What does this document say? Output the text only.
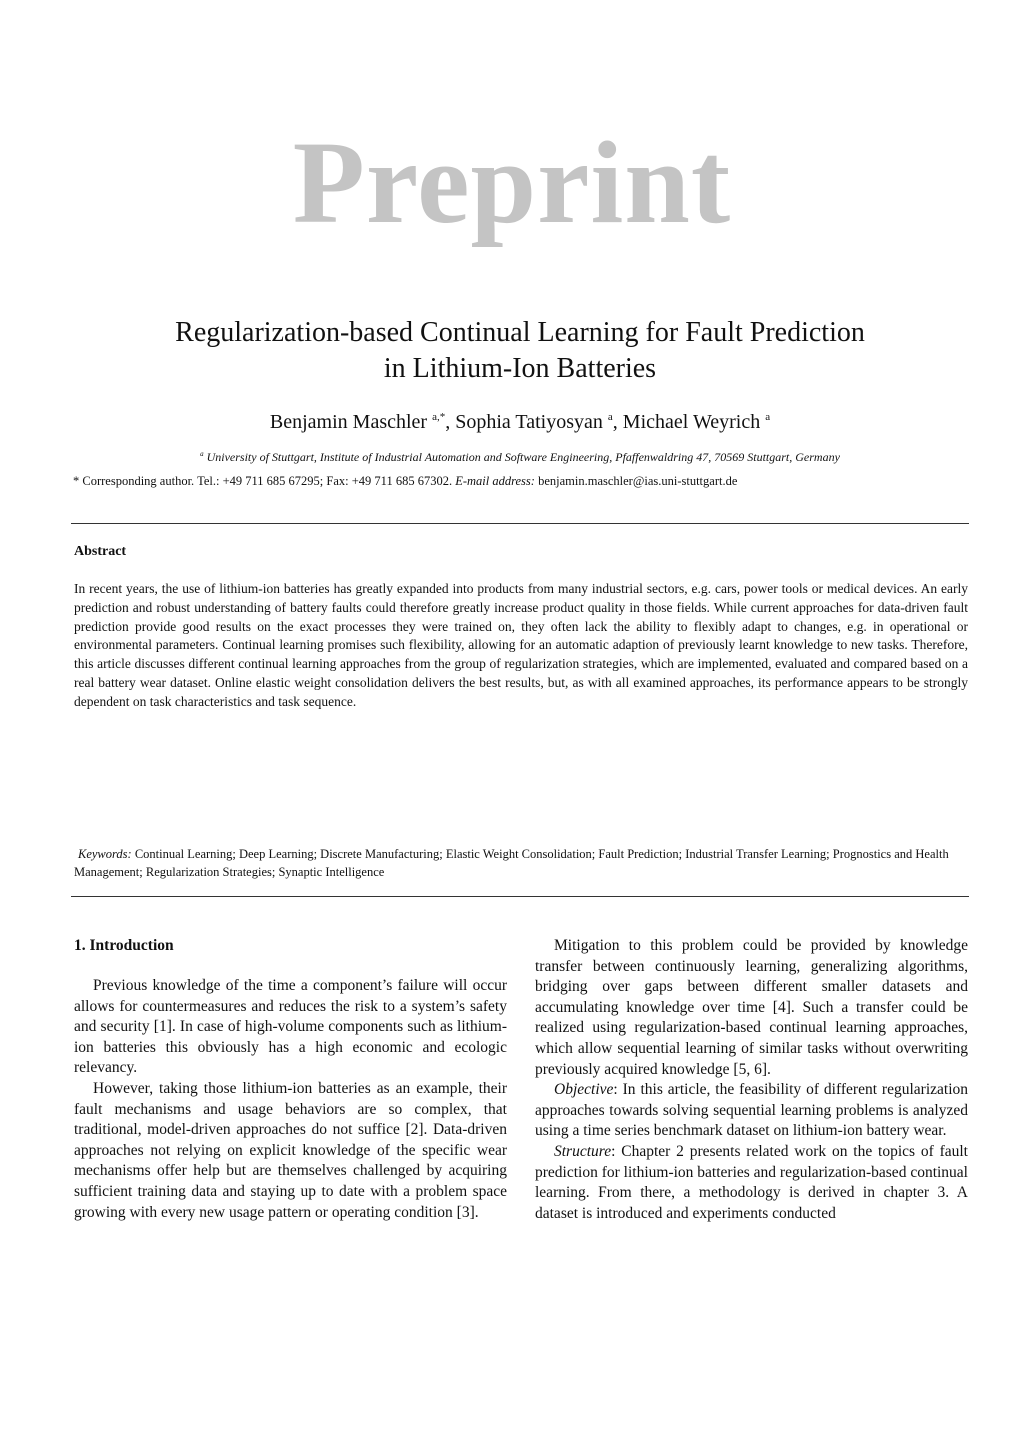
Preprint
Regularization-based Continual Learning for Fault Prediction
in Lithium-Ion Batteries
Benjamin Maschler $^{a,*}$, Sophia Tatiyosyan $^a$, Michael Weyrich $^a$
$^a$ University of Stuttgart, Institute of Industrial Automation and Software Engineering, Pfaffenwaldring 47, 70569 Stuttgart, Germany
* Corresponding author. Tel.: +49 711 685 67295; Fax: +49 711 685 67302. E-mail address: benjamin.maschler@ias.uni-stuttgart.de
Abstract
In recent years, the use of lithium-ion batteries has greatly expanded into products from many industrial sectors, e.g. cars, power tools or medical devices. An early prediction and robust understanding of battery faults could therefore greatly increase product quality in those fields. While current approaches for data-driven fault prediction provide good results on the exact processes they were trained on, they often lack the ability to flexibly adapt to changes, e.g. in operational or environmental parameters. Continual learning promises such flexibility, allowing for an automatic adaption of previously learnt knowledge to new tasks. Therefore, this article discusses different continual learning approaches from the group of regularization strategies, which are implemented, evaluated and compared based on a real battery wear dataset. Online elastic weight consolidation delivers the best results, but, as with all examined approaches, its performance appears to be strongly dependent on task characteristics and task sequence.
Keywords: Continual Learning; Deep Learning; Discrete Manufacturing; Elastic Weight Consolidation; Fault Prediction; Industrial Transfer Learning; Prognostics and Health Management; Regularization Strategies; Synaptic Intelligence
1. Introduction

Previous knowledge of the time a component’s failure will occur allows for countermeasures and reduces the risk to a system’s safety and security [1]. In case of high-volume components such as lithium-ion batteries this obviously has a high economic and ecologic relevancy.

However, taking those lithium-ion batteries as an example, their fault mechanisms and usage behaviors are so complex, that traditional, model-driven approaches do not suffice [2]. Data-driven approaches not relying on explicit knowledge of the specific wear mechanisms offer help but are themselves challenged by acquiring sufficient training data and staying up to date with a problem space growing with every new usage pattern or operating condition [3].

Mitigation to this problem could be provided by knowledge transfer between continuously learning, generalizing algorithms, bridging over gaps between different smaller datasets and accumulating knowledge over time [4]. Such a transfer could be realized using regularization-based continual learning approaches, which allow sequential learning of similar tasks without overwriting previously acquired knowledge [5, 6].

Objective: In this article, the feasibility of different regularization approaches towards solving sequential learning problems is analyzed using a time series benchmark dataset on lithium-ion battery wear.

Structure: Chapter 2 presents related work on the topics of fault prediction for lithium-ion batteries and regularization-based continual learning. From there, a methodology is derived in chapter 3. A dataset is introduced and experiments conducted
